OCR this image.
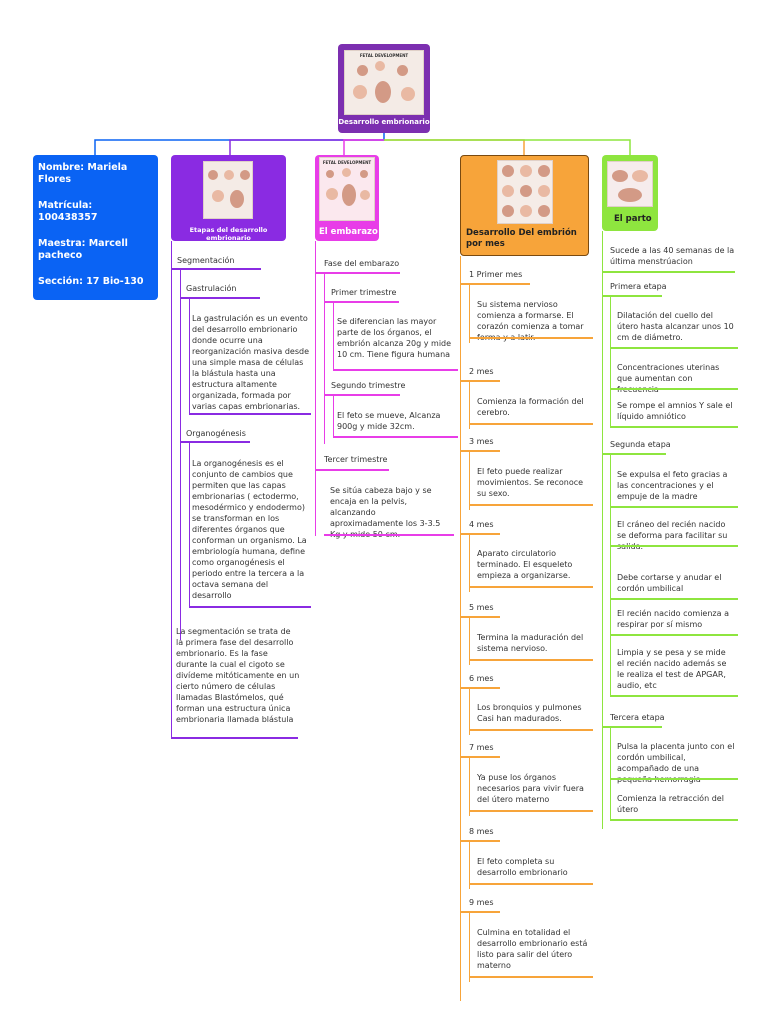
FETAL DEVELOPMENT
Desarrollo embrionario
Nombre: Mariela Flores
Matrícula: 100438357
Maestra: Marcell pacheco
Sección: 17 Bio-130
Fecha de elaboración: 4/16/2022
Etapas del desarrollo embrionario
Segmentación
Gastrulación
La gastrulación es un evento del desarrollo embrionario donde ocurre una reorganización masiva desde una simple masa de células la blástula hasta una estructura altamente organizada, formada por varias capas embrionarias.
Organogénesis
La organogénesis es el conjunto de cambios que permiten que las capas embrionarias ( ectodermo, mesodérmico y endodermo) se transforman en los diferentes órganos que conforman un organismo. La embriología humana, define como organogénesis el periodo entre la tercera a la octava semana del desarrollo
La segmentación se trata de la primera fase del desarrollo embrionario. Es la fase durante la cual el cigoto se divídeme mitóticamente en un cierto número de células llamadas Blastómelos, qué forman una estructura única embrionaria llamada blástula
FETAL DEVELOPMENT
El embarazo
Fase del embarazo
Primer trimestre
Se diferencian las mayor parte de los órganos, el embrión alcanza 20g y mide 10 cm. Tiene figura humana
Segundo trimestre
El feto se mueve, Alcanza 900g y mide 32cm.
Tercer trimestre
Se sitúa cabeza bajo y se encaja en la pelvis, alcanzando aproximadamente los 3-3.5
Desarrollo Del embrión por mes
1 Primer mes
Su sistema nervioso comienza a formarse. El corazón comienza a tomar
2 mes
Comienza la formación del cerebro.
3 mes
El feto puede realizar movimientos. Se reconoce su sexo.
4 mes
Aparato circulatorio terminado. El esqueleto empieza a organizarse.
5 mes
Termina la maduración del sistema nervioso.
6 mes
Los bronquios y pulmones Casi han madurados.
7 mes
Ya puse los órganos necesarios para vivir fuera del útero materno
8 mes
El feto completa su desarrollo embrionario
9 mes
Culmina en totalidad el desarrollo embrionario está listo para salir del útero materno
El parto
Sucede a las 40 semanas de la última menstrúacion
Primera etapa
Dilatación del cuello del útero hasta alcanzar unos 10 cm de diámetro.
Concentraciones uterinas que aumentan con
Se rompe el amnios Y sale el líquido amniótico
Segunda etapa
Se expulsa el feto gracias a las concentraciones y el empuje de la madre
El cráneo del recién nacido se deforma para facilitar su
Debe cortarse y anudar el cordón umbilical
El recién nacido comienza a respirar por sí mismo
Limpia y se pesa y se mide el recién nacido además se le realiza el test de APGAR, audio, etc
Tercera etapa
Pulsa la placenta junto con el cordón umbilical, acompañado de una
Comienza la retracción del útero
